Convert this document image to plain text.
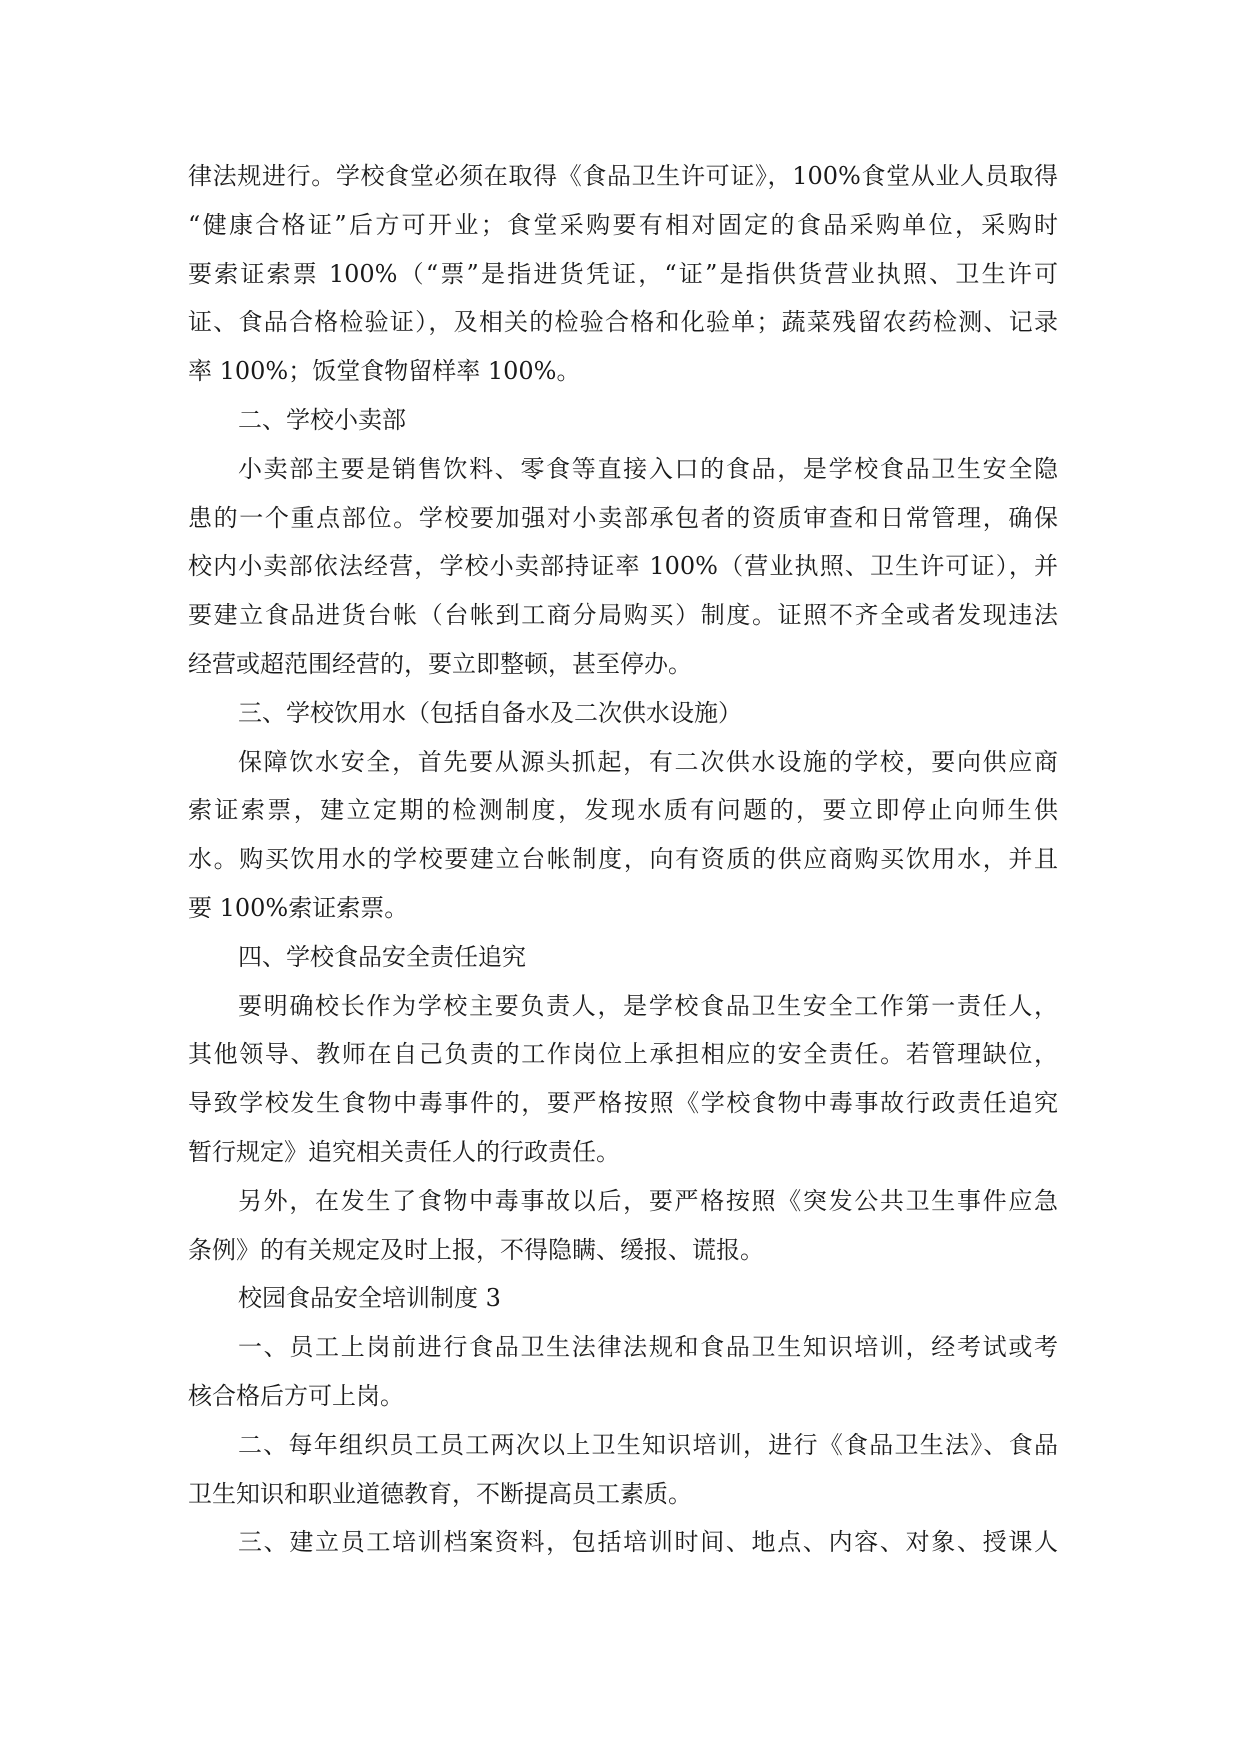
律法规进行。学校食堂必须在取得《食品卫生许可证》，100%食堂从业人员取得
“健康合格证”后方可开业；食堂采购要有相对固定的食品采购单位，采购时
要索证索票 100%（“票”是指进货凭证，“证”是指供货营业执照、卫生许可
证、食品合格检验证），及相关的检验合格和化验单；蔬菜残留农药检测、记录
率 100%；饭堂食物留样率 100%。
二、学校小卖部
小卖部主要是销售饮料、零食等直接入口的食品，是学校食品卫生安全隐
患的一个重点部位。学校要加强对小卖部承包者的资质审查和日常管理，确保
校内小卖部依法经营，学校小卖部持证率 100%（营业执照、卫生许可证），并
要建立食品进货台帐（台帐到工商分局购买）制度。证照不齐全或者发现违法
经营或超范围经营的，要立即整顿，甚至停办。
三、学校饮用水（包括自备水及二次供水设施）
保障饮水安全，首先要从源头抓起，有二次供水设施的学校，要向供应商
索证索票，建立定期的检测制度，发现水质有问题的，要立即停止向师生供
水。购买饮用水的学校要建立台帐制度，向有资质的供应商购买饮用水，并且
要 100%索证索票。
四、学校食品安全责任追究
要明确校长作为学校主要负责人，是学校食品卫生安全工作第一责任人，
其他领导、教师在自己负责的工作岗位上承担相应的安全责任。若管理缺位，
导致学校发生食物中毒事件的，要严格按照《学校食物中毒事故行政责任追究
暂行规定》追究相关责任人的行政责任。
另外，在发生了食物中毒事故以后，要严格按照《突发公共卫生事件应急
条例》的有关规定及时上报，不得隐瞒、缓报、谎报。
校园食品安全培训制度 3
一、员工上岗前进行食品卫生法律法规和食品卫生知识培训，经考试或考
核合格后方可上岗。
二、每年组织员工员工两次以上卫生知识培训，进行《食品卫生法》、食品
卫生知识和职业道德教育，不断提高员工素质。
三、建立员工培训档案资料，包括培训时间、地点、内容、对象、授课人
